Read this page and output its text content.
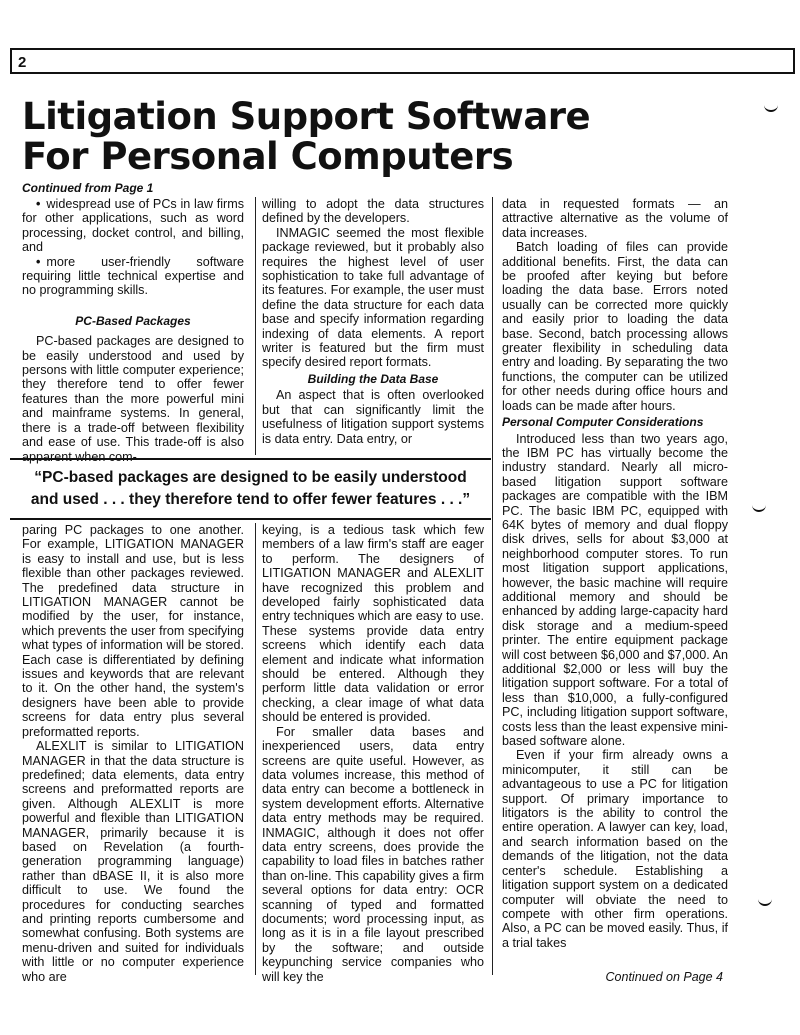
2
Litigation Support Software
For Personal Computers
Continued from Page 1

• widespread use of PCs in law firms for other applications, such as word processing, docket control, and billing, and

• more user-friendly software requiring little technical expertise and no programming skills.

PC-Based Packages

PC-based packages are designed to be easily understood and used by persons with little computer experience; they therefore tend to offer fewer features than the more powerful mini and mainframe systems. In general, there is a trade-off between flexibility and ease of use. This trade-off is also apparent when com-

willing to adopt the data structures defined by the developers.

INMAGIC seemed the most flexible package reviewed, but it probably also requires the highest level of user sophistication to take full advantage of its features. For example, the user must define the data structure for each data base and specify information regarding indexing of data elements. A report writer is featured but the firm must specify desired report formats.

Building the Data Base

An aspect that is often overlooked but that can significantly limit the usefulness of litigation support systems is data entry. Data entry, or

“PC-based packages are designed to be easily understood
and used . . . they therefore tend to offer fewer features . . .”

paring PC packages to one another. For example, LITIGATION MANAGER is easy to install and use, but is less flexible than other packages reviewed. The predefined data structure in LITIGATION MANAGER cannot be modified by the user, for instance, which prevents the user from specifying what types of information will be stored. Each case is differentiated by defining issues and keywords that are relevant to it. On the other hand, the system's designers have been able to provide screens for data entry plus several preformatted reports.

ALEXLIT is similar to LITIGATION MANAGER in that the data structure is predefined; data elements, data entry screens and preformatted reports are given. Although ALEXLIT is more powerful and flexible than LITIGATION MANAGER, primarily because it is based on Revelation (a fourth-generation programming language) rather than dBASE II, it is also more difficult to use. We found the procedures for conducting searches and printing reports cumbersome and somewhat confusing. Both systems are menu-driven and suited for individuals with little or no computer experience who are

keying, is a tedious task which few members of a law firm's staff are eager to perform. The designers of LITIGATION MANAGER and ALEXLIT have recognized this problem and developed fairly sophisticated data entry techniques which are easy to use. These systems provide data entry screens which identify each data element and indicate what information should be entered. Although they perform little data validation or error checking, a clear image of what data should be entered is provided.

For smaller data bases and inexperienced users, data entry screens are quite useful. However, as data volumes increase, this method of data entry can become a bottleneck in system development efforts. Alternative data entry methods may be required. INMAGIC, although it does not offer data entry screens, does provide the capability to load files in batches rather than on-line. This capability gives a firm several options for data entry: OCR scanning of typed and formatted documents; word processing input, as long as it is in a file layout prescribed by the software; and outside keypunching service companies who will key the

data in requested formats — an attractive alternative as the volume of data increases.

Batch loading of files can provide additional benefits. First, the data can be proofed after keying but before loading the data base. Errors noted usually can be corrected more quickly and easily prior to loading the data base. Second, batch processing allows greater flexibility in scheduling data entry and loading. By separating the two functions, the computer can be utilized for other needs during office hours and loads can be made after hours.

Personal Computer Considerations

Introduced less than two years ago, the IBM PC has virtually become the industry standard. Nearly all micro-based litigation support software packages are compatible with the IBM PC. The basic IBM PC, equipped with 64K bytes of memory and dual floppy disk drives, sells for about $3,000 at neighborhood computer stores. To run most litigation support applications, however, the basic machine will require additional memory and should be enhanced by adding large-capacity hard disk storage and a medium-speed printer. The entire equipment package will cost between $6,000 and $7,000. An additional $2,000 or less will buy the litigation support software. For a total of less than $10,000, a fully-configured PC, including litigation support software, costs less than the least expensive mini-based software alone.

Even if your firm already owns a minicomputer, it still can be advantageous to use a PC for litigation support. Of primary importance to litigators is the ability to control the entire operation. A lawyer can key, load, and search information based on the demands of the litigation, not the data center's schedule. Establishing a litigation support system on a dedicated computer will obviate the need to compete with other firm operations. Also, a PC can be moved easily. Thus, if a trial takes

Continued on Page 4
